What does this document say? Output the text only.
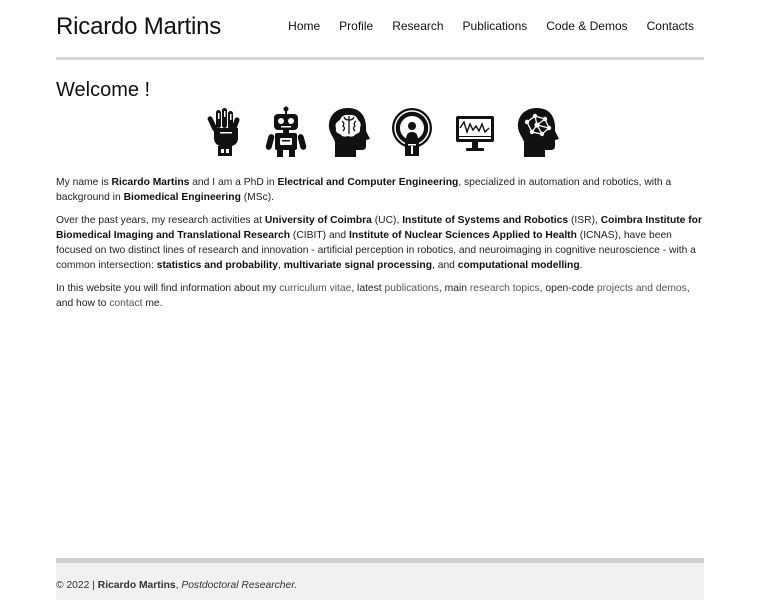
Ricardo Martins	Home Profile Research Publications Code & Demos Contacts
Welcome !

My name is Ricardo Martins and I am a PhD in Electrical and Computer Engineering, specialized in automation and robotics, with a background in Biomedical Engineering (MSc).

Over the past years, my research activities at University of Coimbra (UC), Institute of Systems and Robotics (ISR), Coimbra Institute for Biomedical Imaging and Translational Research (CIBIT) and Institute of Nuclear Sciences Applied to Health (ICNAS), have been focused on two distinct lines of research and innovation - artificial perception in robotics, and neuroimaging in cognitive neuroscience - with a common intersection: statistics and probability, multivariate signal processing, and computational modelling.

In this website you will find information about my curriculum vitae, latest publications, main research topics, open-code projects and demos, and how to contact me.

© 2022 | Ricardo Martins, Postdoctoral Researcher.
